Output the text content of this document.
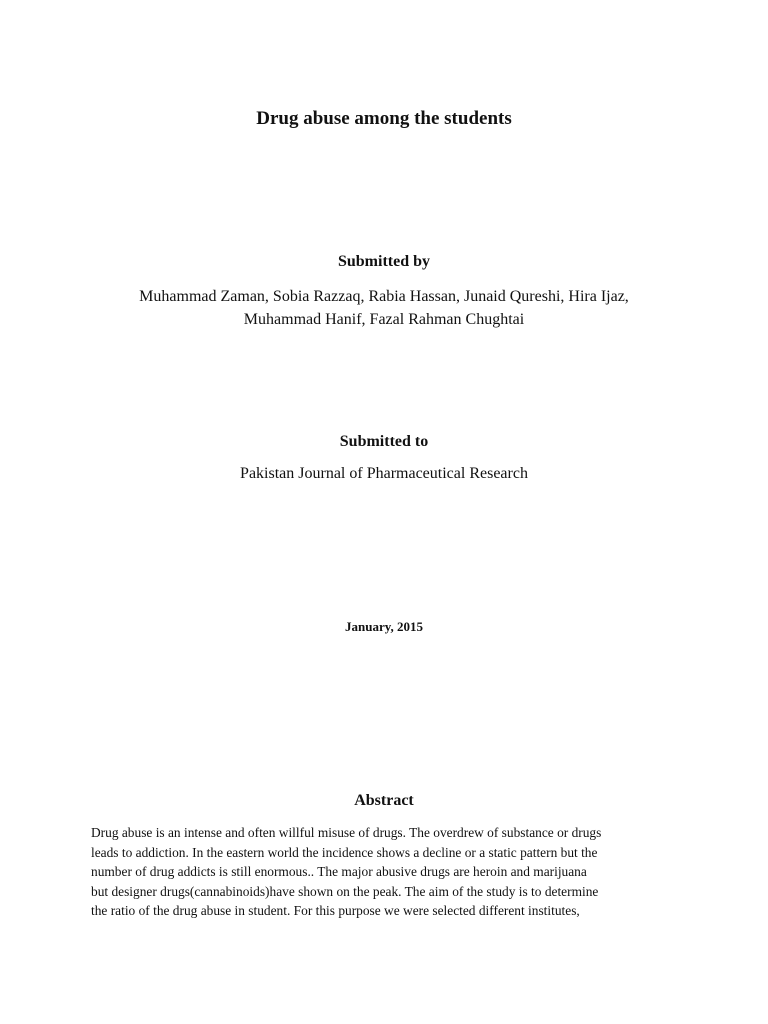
Drug abuse among the students
Submitted by
Muhammad Zaman, Sobia Razzaq, Rabia Hassan, Junaid Qureshi, Hira Ijaz,
Muhammad Hanif, Fazal Rahman Chughtai
Submitted to
Pakistan Journal of Pharmaceutical Research
January, 2015
Abstract
Drug abuse is an intense and often willful misuse of drugs. The overdrew of substance or drugs
leads to addiction. In the eastern world the incidence shows a decline or a static pattern but the
number of drug addicts is still enormous.. The major abusive drugs are heroin and marijuana
but designer drugs(cannabinoids)have shown on the peak. The aim of the study is to determine
the ratio of the drug abuse in student. For this purpose we were selected different institutes,
